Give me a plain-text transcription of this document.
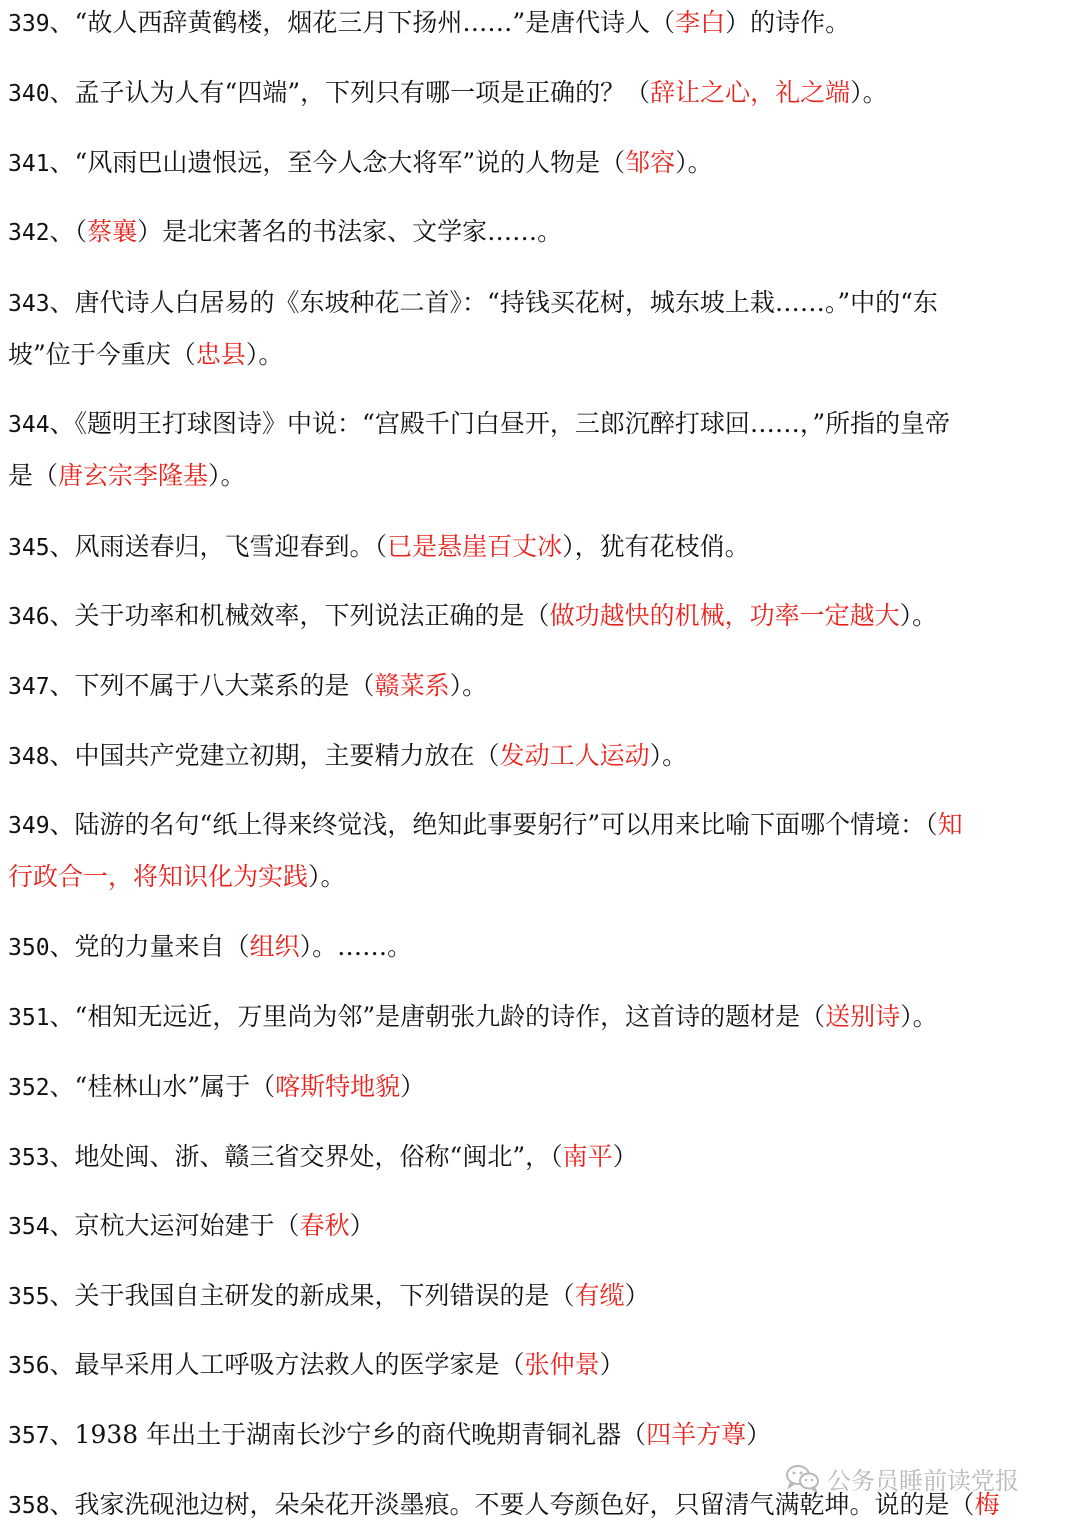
339、“故人西辞黄鹤楼，烟花三月下扬州……”是唐代诗人（李白）的诗作。
340、孟子认为人有“四端”，下列只有哪一项是正确的？（辞让之心，礼之端）。
341、“风雨巴山遗恨远，至今人念大将军”说的人物是（邹容）。
342、（蔡襄）是北宋著名的书法家、文学家……。
343、唐代诗人白居易的《东坡种花二首》：“持钱买花树，城东坡上栽……。”中的“东
坡”位于今重庆（忠县）。
344、《题明王打球图诗》中说：“宫殿千门白昼开，三郎沉醉打球回……，”所指的皇帝
是（唐玄宗李隆基）。
345、风雨送春归，飞雪迎春到。（已是悬崖百丈冰），犹有花枝俏。
346、关于功率和机械效率，下列说法正确的是（做功越快的机械，功率一定越大）。
347、下列不属于八大菜系的是（赣菜系）。
348、中国共产党建立初期，主要精力放在（发动工人运动）。
349、陆游的名句“纸上得来终觉浅，绝知此事要躬行”可以用来比喻下面哪个情境：（知
行政合一，将知识化为实践）。
350、党的力量来自（组织）。……。
351、“相知无远近，万里尚为邻”是唐朝张九龄的诗作，这首诗的题材是（送别诗）。
352、“桂林山水”属于（喀斯特地貌）
353、地处闽、浙、赣三省交界处，俗称“闽北”，（南平）
354、京杭大运河始建于（春秋）
355、关于我国自主研发的新成果，下列错误的是（有缆）
356、最早采用人工呼吸方法救人的医学家是（张仲景）
357、1938 年出土于湖南长沙宁乡的商代晚期青铜礼器（四羊方尊）
358、我家洗砚池边树，朵朵花开淡墨痕。不要人夸颜色好，只留清气满乾坤。说的是（梅
公务员睡前读党报
